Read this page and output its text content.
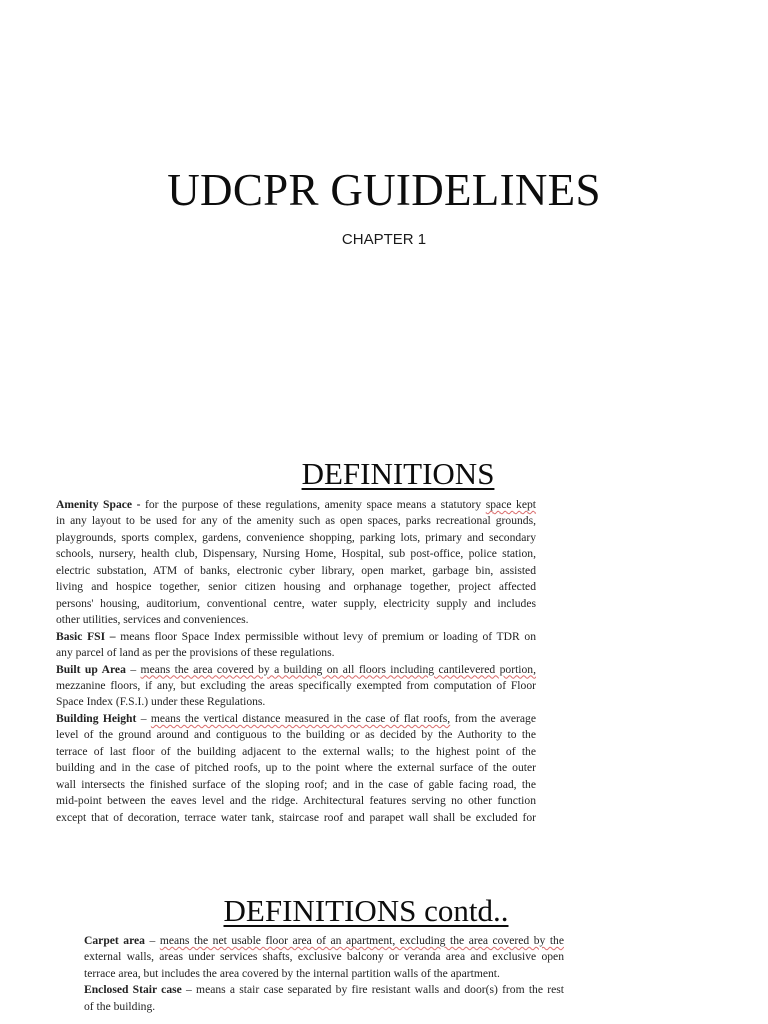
UDCPR GUIDELINES
CHAPTER 1
DEFINITIONS
Amenity Space - for the purpose of these regulations, amenity space means a statutory space kept
in any layout to be used for any of the amenity such as open spaces, parks recreational grounds,
playgrounds, sports complex, gardens, convenience shopping, parking lots, primary and secondary
schools, nursery, health club, Dispensary, Nursing Home, Hospital, sub post-office, police station,
electric substation, ATM of banks, electronic cyber library, open market, garbage bin, assisted
living and hospice together, senior citizen housing and orphanage together, project affected
persons' housing, auditorium, conventional centre, water supply, electricity supply and includes
other utilities, services and conveniences.
Basic FSI – means floor Space Index permissible without levy of premium or loading of TDR on
any parcel of land as per the provisions of these regulations.
Built up Area – means the area covered by a building on all floors including cantilevered portion,
mezzanine floors, if any, but excluding the areas specifically exempted from computation of Floor
Space Index (F.S.I.) under these Regulations.
Building Height – means the vertical distance measured in the case of flat roofs, from the average
level of the ground around and contiguous to the building or as decided by the Authority to the
terrace of last floor of the building adjacent to the external walls; to the highest point of the
building and in the case of pitched roofs, up to the point where the external surface of the outer
wall intersects the finished surface of the sloping roof; and in the case of gable facing road, the
mid-point between the eaves level and the ridge. Architectural features serving no other function
except that of decoration, terrace water tank, staircase roof and parapet wall shall be excluded for
DEFINITIONS contd..
Carpet area – means the net usable floor area of an apartment, excluding the area covered by the
external walls, areas under services shafts, exclusive balcony or veranda area and exclusive open
terrace area, but includes the area covered by the internal partition walls of the apartment.
Enclosed Stair case – means a stair case separated by fire resistant walls and door(s) from the rest
of the building.
